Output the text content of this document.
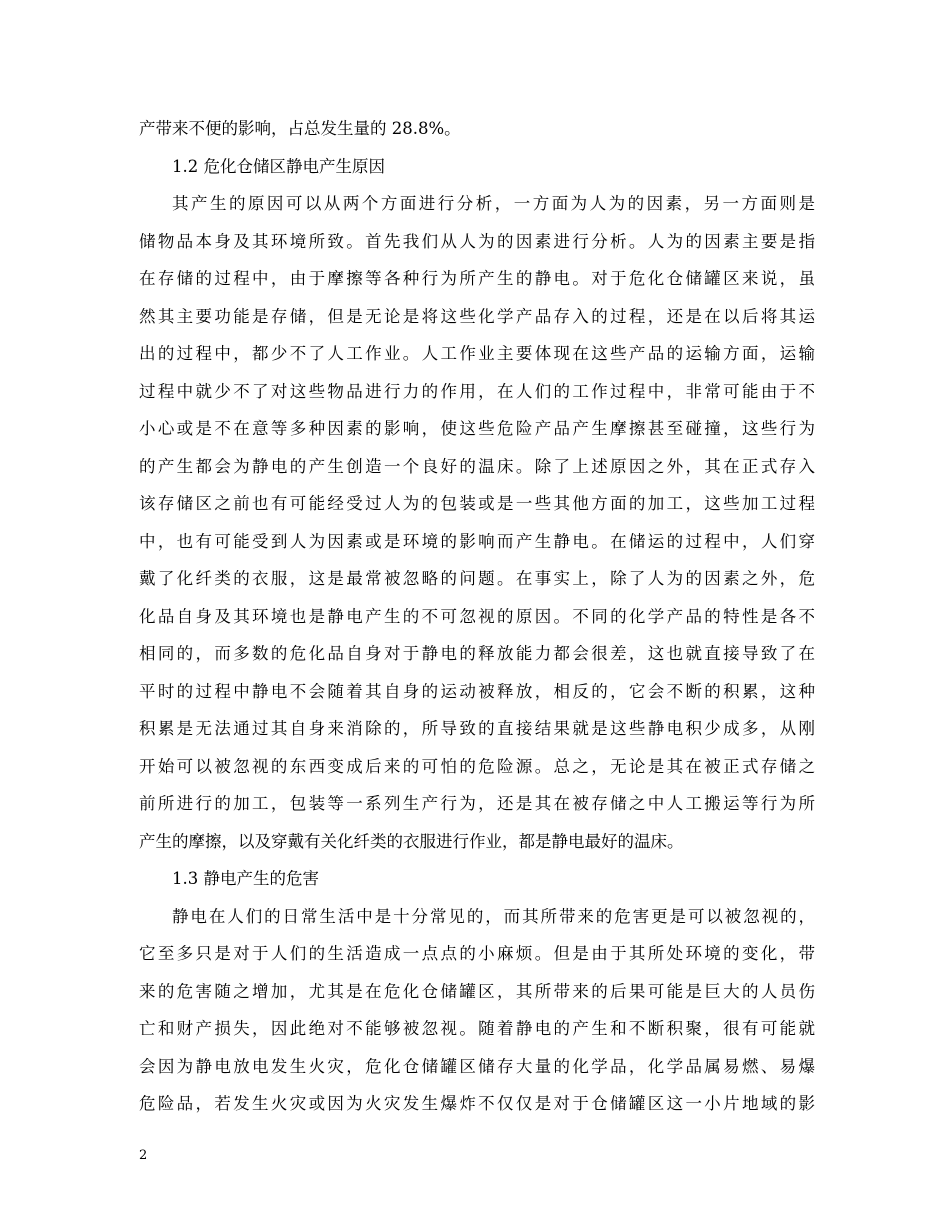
产带来不便的影响，占总发生量的 28.8%。
1.2 危化仓储区静电产生原因
其产生的原因可以从两个方面进行分析，一方面为人为的因素，另一方面则是
储物品本身及其环境所致。首先我们从人为的因素进行分析。人为的因素主要是指
在存储的过程中，由于摩擦等各种行为所产生的静电。对于危化仓储罐区来说，虽
然其主要功能是存储，但是无论是将这些化学产品存入的过程，还是在以后将其运
出的过程中，都少不了人工作业。人工作业主要体现在这些产品的运输方面，运输
过程中就少不了对这些物品进行力的作用，在人们的工作过程中，非常可能由于不
小心或是不在意等多种因素的影响，使这些危险产品产生摩擦甚至碰撞，这些行为
的产生都会为静电的产生创造一个良好的温床。除了上述原因之外，其在正式存入
该存储区之前也有可能经受过人为的包装或是一些其他方面的加工，这些加工过程
中，也有可能受到人为因素或是环境的影响而产生静电。在储运的过程中，人们穿
戴了化纤类的衣服，这是最常被忽略的问题。在事实上，除了人为的因素之外，危
化品自身及其环境也是静电产生的不可忽视的原因。不同的化学产品的特性是各不
相同的，而多数的危化品自身对于静电的释放能力都会很差，这也就直接导致了在
平时的过程中静电不会随着其自身的运动被释放，相反的，它会不断的积累，这种
积累是无法通过其自身来消除的，所导致的直接结果就是这些静电积少成多，从刚
开始可以被忽视的东西变成后来的可怕的危险源。总之，无论是其在被正式存储之
前所进行的加工，包装等一系列生产行为，还是其在被存储之中人工搬运等行为所
产生的摩擦，以及穿戴有关化纤类的衣服进行作业，都是静电最好的温床。
1.3 静电产生的危害
静电在人们的日常生活中是十分常见的，而其所带来的危害更是可以被忽视的，
它至多只是对于人们的生活造成一点点的小麻烦。但是由于其所处环境的变化，带
来的危害随之增加，尤其是在危化仓储罐区，其所带来的后果可能是巨大的人员伤
亡和财产损失，因此绝对不能够被忽视。随着静电的产生和不断积聚，很有可能就
会因为静电放电发生火灾，危化仓储罐区储存大量的化学品，化学品属易燃、易爆
危险品，若发生火灾或因为火灾发生爆炸不仅仅是对于仓储罐区这一小片地域的影
2
